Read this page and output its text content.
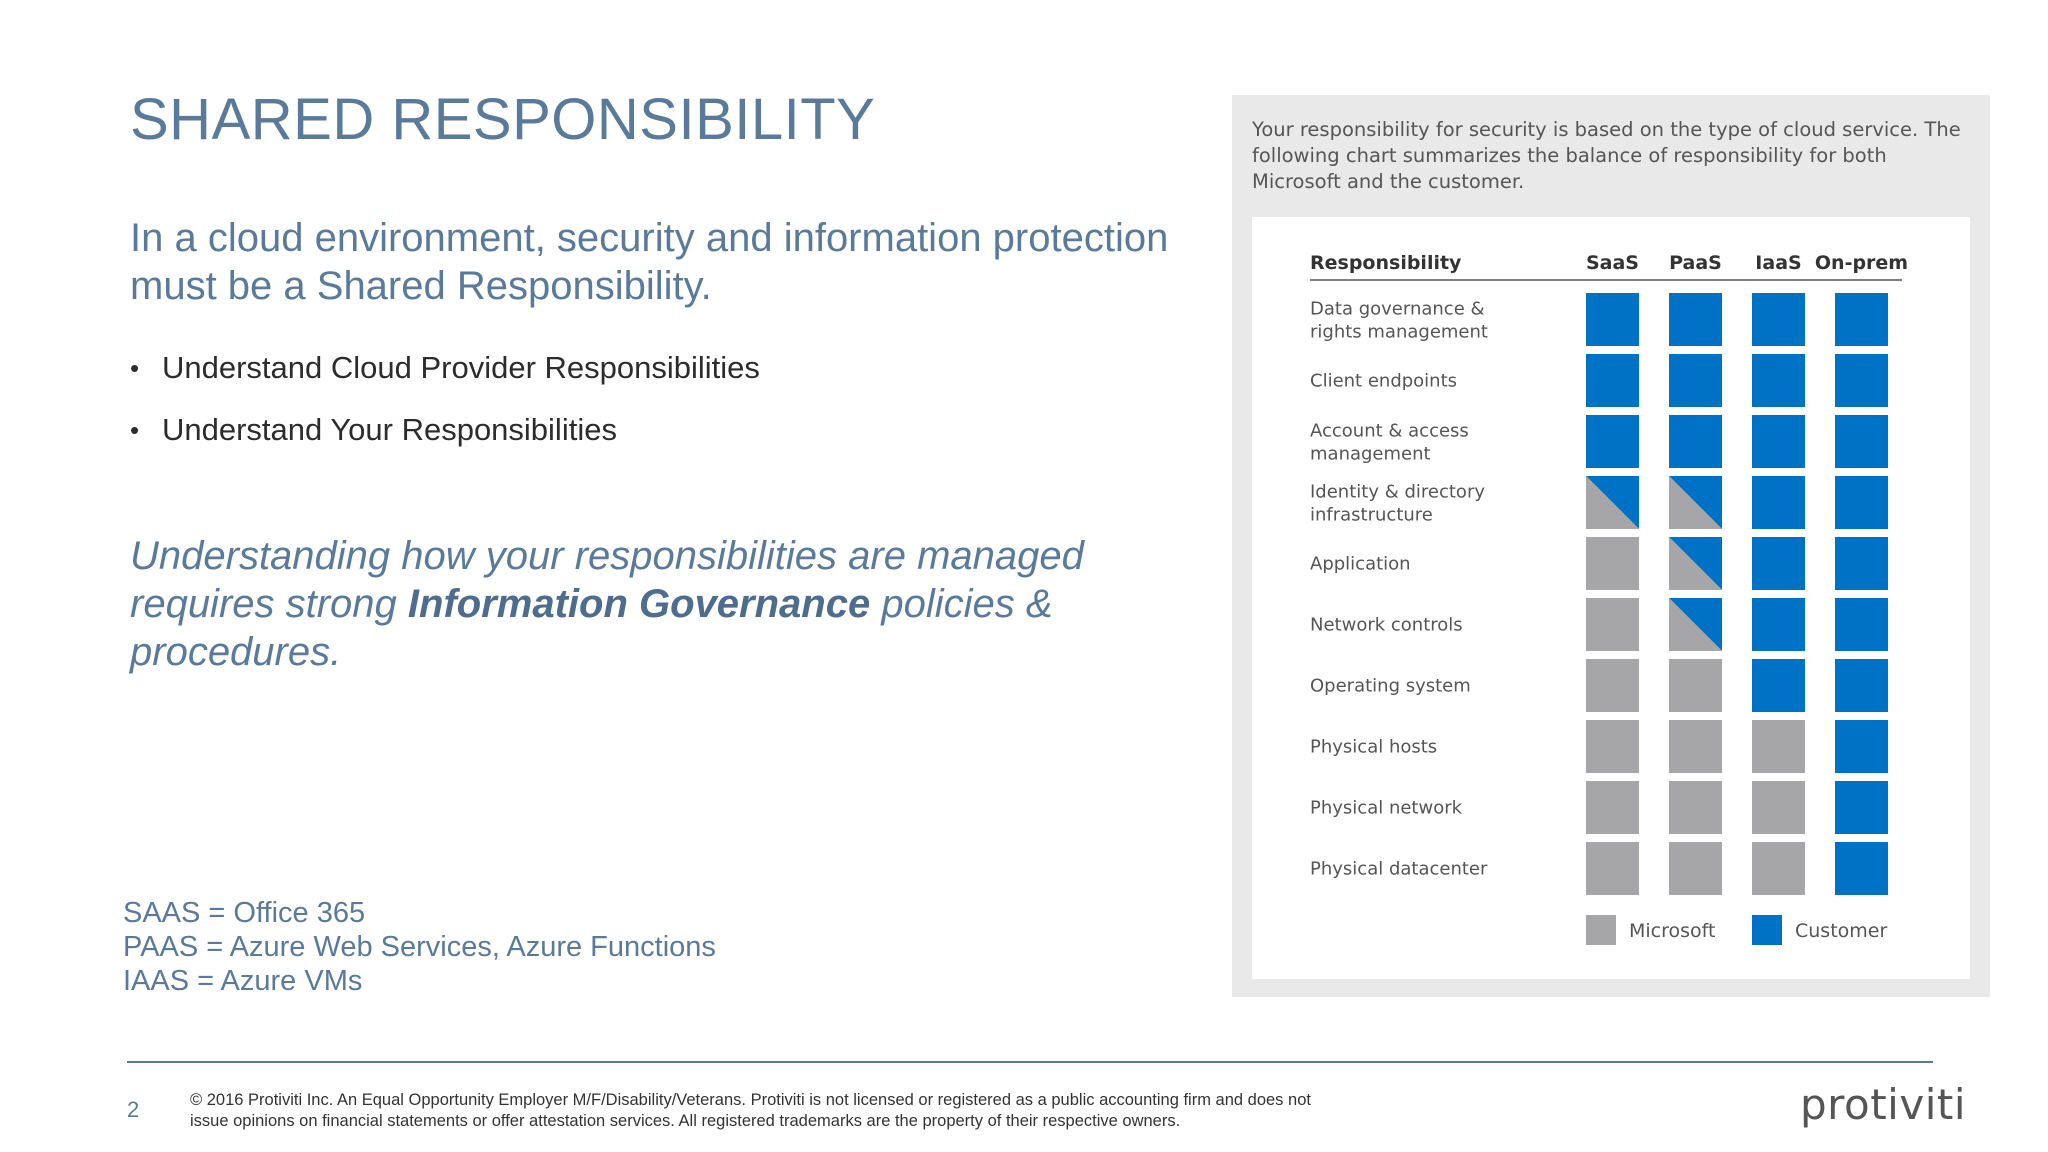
SHARED RESPONSIBILITY
In a cloud environment, security and information protection must be a Shared Responsibility.
• Understand Cloud Provider Responsibilities
• Understand Your Responsibilities
Understanding how your responsibilities are managed requires strong Information Governance policies & procedures.
SAAS = Office 365
PAAS = Azure Web Services, Azure Functions
IAAS = Azure VMs
Your responsibility for security is based on the type of cloud service. The following chart summarizes the balance of responsibility for both Microsoft and the customer.
Responsibility	SaaS PaaS IaaS On-prem
Data governance & rights management
Client endpoints
Account & access management
Identity & directory infrastructure
Application
Network controls
Operating system
Physical hosts
Physical network
Physical datacenter
Microsoft	Customer
2	© 2016 Protiviti Inc. An Equal Opportunity Employer M/F/Disability/Veterans. Protiviti is not licensed or registered as a public accounting firm and does not issue opinions on financial statements or offer attestation services. All registered trademarks are the property of their respective owners.	protiviti
